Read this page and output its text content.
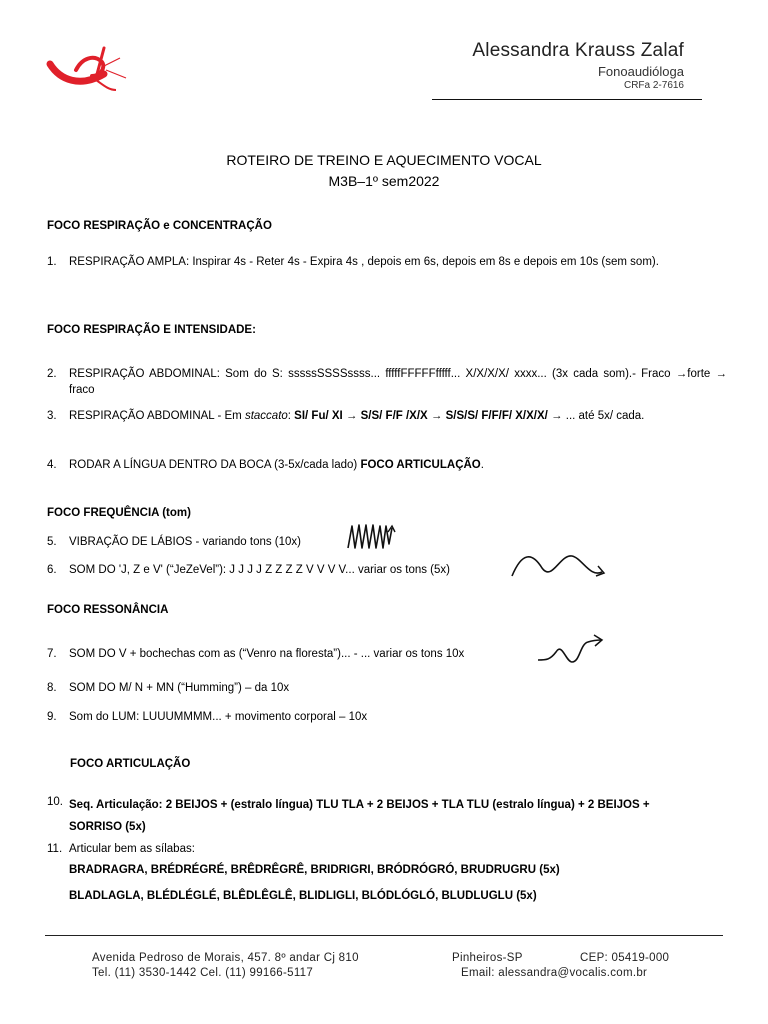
Alessandra Krauss Zalaf
Fonoaudióloga
CRFa 2-7616
ROTEIRO DE TREINO E AQUECIMENTO VOCAL
M3B–1º sem2022
FOCO RESPIRAÇÃO e CONCENTRAÇÃO
1. RESPIRAÇÃO AMPLA: Inspirar 4s - Reter 4s - Expira 4s , depois em 6s, depois em 8s e depois em 10s (sem som).
FOCO RESPIRAÇÃO E INTENSIDADE:
2. RESPIRAÇÃO ABDOMINAL: Som do S: sssssSSSSssss... fffffFFFFFfffff... X/X/X/X/ xxxx... (3x cada som).- Fraco →forte → fraco
3. RESPIRAÇÃO ABDOMINAL - Em staccato: SI/ Fu/ XI → S/S/ F/F /X/X → S/S/S/ F/F/F/ X/X/X/ → ... até 5x/ cada.
4. RODAR A LÍNGUA DENTRO DA BOCA (3-5x/cada lado) FOCO ARTICULAÇÃO.
FOCO FREQUÊNCIA (tom)
5. VIBRAÇÃO DE LÁBIOS - variando tons (10x)
6. SOM DO 'J, Z e V' (“JeZeVel”): J J J J Z Z Z Z V V V V... variar os tons (5x)
FOCO RESSONÂNCIA
7. SOM DO V + bochechas com as (“Venro na floresta”)... - ... variar os tons 10x
8. SOM DO M/ N + MN (“Humming”) – da 10x
9. Som do LUM: LUUUMMMM... + movimento corporal – 10x
FOCO ARTICULAÇÃO
10. Seq. Articulação: 2 BEIJOS + (estralo língua) TLU TLA + 2 BEIJOS + TLA TLU (estralo língua) + 2 BEIJOS +
SORRISO (5x)
11. Articular bem as sílabas:
BRADRAGRA, BRÉDRÉGRÉ, BRÊDRÊGRÊ, BRIDRIGRI, BRÓDRÓGRÓ, BRUDRUGRU (5x)
BLADLAGLA, BLÉDLÉGLÉ, BLÊDLÊGLÊ, BLIDLIGLI, BLÓDLÓGLÓ, BLUDLUGLU (5x)
Avenida Pedroso de Morais, 457. 8º andar Cj 810	Pinheiros-SP	CEP: 05419-000
Tel. (11) 3530-1442 Cel. (11) 99166-5117	Email: alessandra@vocalis.com.br
